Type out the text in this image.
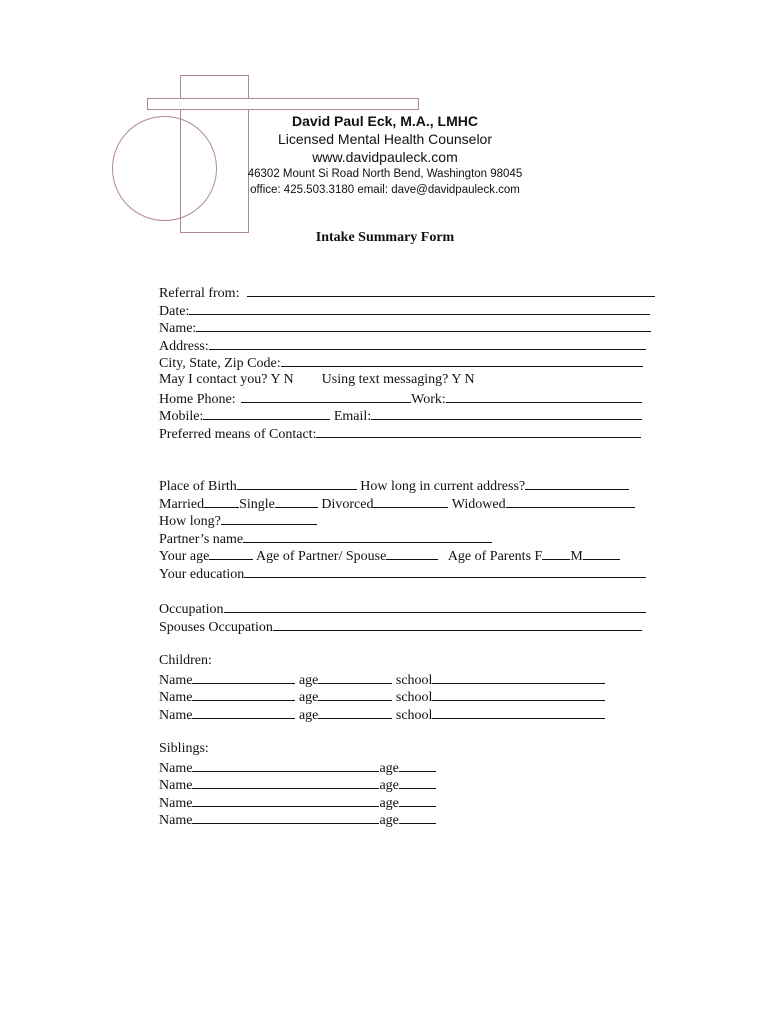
David Paul Eck, M.A., LMHC
Licensed Mental Health Counselor
www.davidpauleck.com
46302 Mount Si Road North Bend, Washington 98045
office: 425.503.3180 email: dave@davidpauleck.com
Intake Summary Form
Referral from:
Date:
Name:
Address:
City, State, Zip Code:
May I contact you? Y N Using text messaging? Y N
Home Phone:	Work:
Mobile:	Email:
Preferred means of Contact:
Place of Birth	How long in current address?
Married	Single	Divorced	Widowed
How long?
Partner’s name
Your age	Age of Partner/ Spouse	Age of Parents F M
Your education
Occupation
Spouses Occupation
Children:
Name	age	school
Name	age	school
Name	age	school
Siblings:
Name	age
Name	age
Name	age
Name	age
